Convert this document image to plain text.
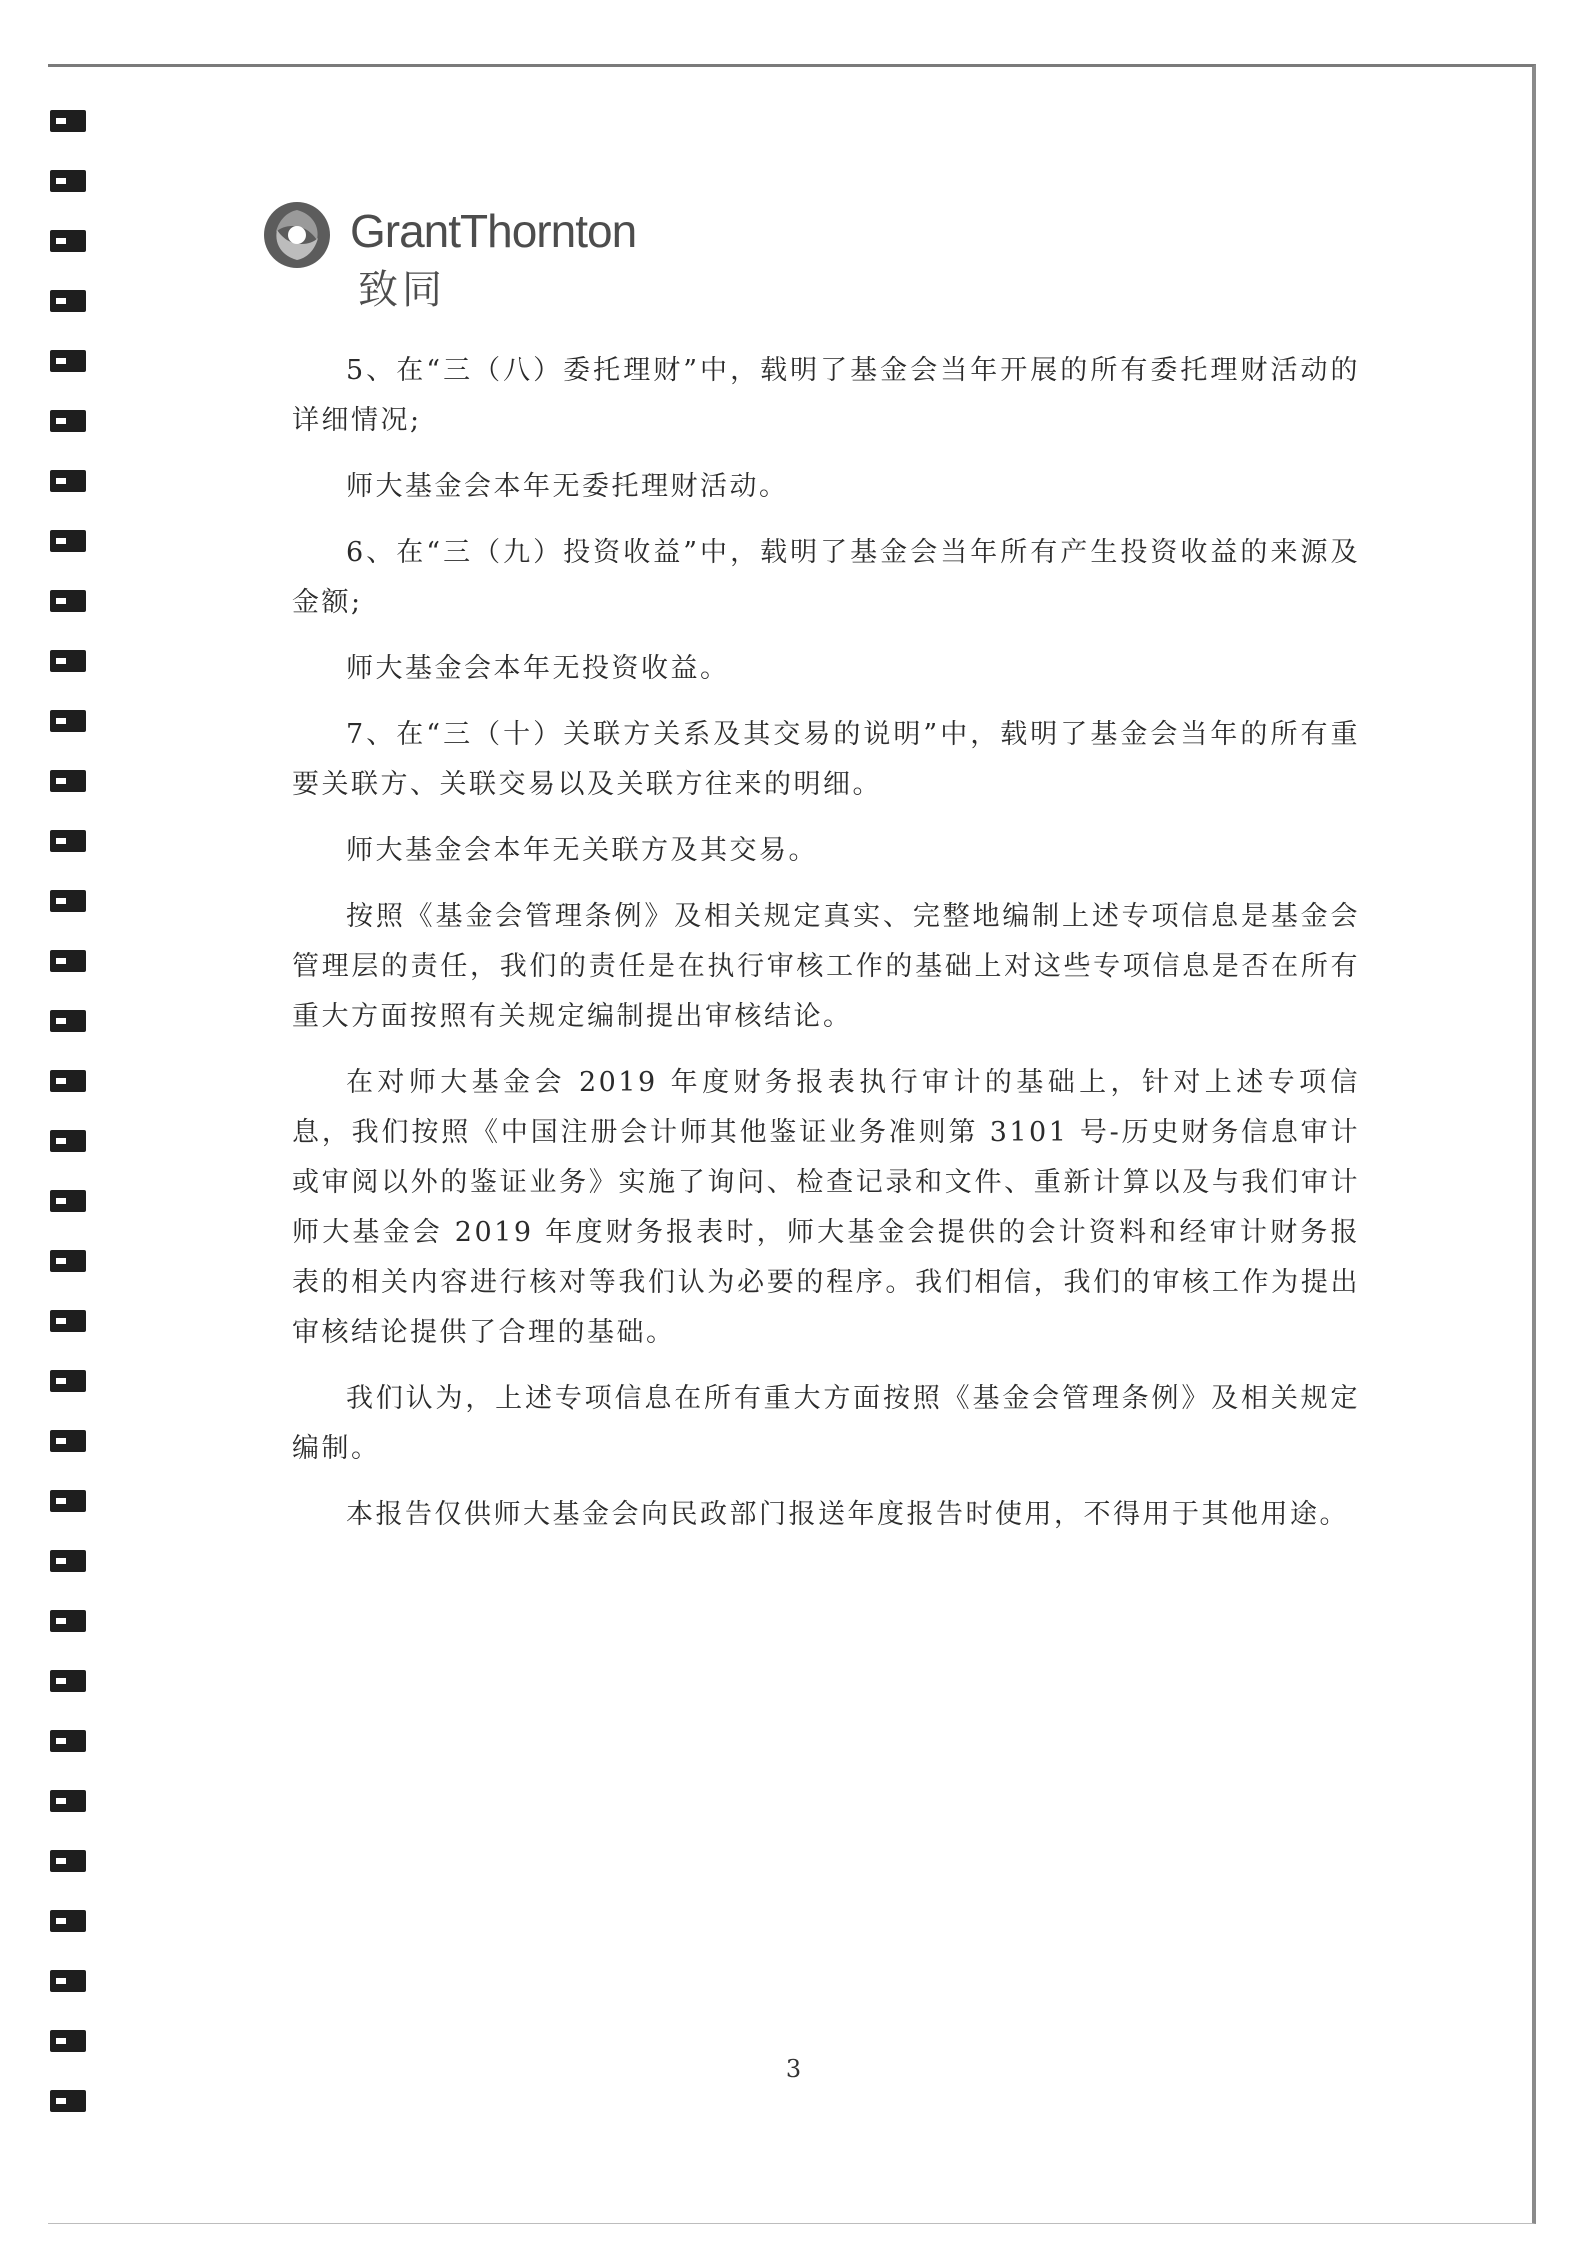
GrantThornton
致同

5、在“三（八）委托理财”中，载明了基金会当年开展的所有委托理财活动的详细情况;

师大基金会本年无委托理财活动。

6、在“三（九）投资收益”中，载明了基金会当年所有产生投资收益的来源及金额;

师大基金会本年无投资收益。

7、在“三（十）关联方关系及其交易的说明”中，载明了基金会当年的所有重要关联方、关联交易以及关联方往来的明细。

师大基金会本年无关联方及其交易。

按照《基金会管理条例》及相关规定真实、完整地编制上述专项信息是基金会管理层的责任，我们的责任是在执行审核工作的基础上对这些专项信息是否在所有重大方面按照有关规定编制提出审核结论。

在对师大基金会 2019 年度财务报表执行审计的基础上，针对上述专项信息，我们按照《中国注册会计师其他鉴证业务准则第 3101 号-历史财务信息审计或审阅以外的鉴证业务》实施了询问、检查记录和文件、重新计算以及与我们审计师大基金会 2019 年度财务报表时，师大基金会提供的会计资料和经审计财务报表的相关内容进行核对等我们认为必要的程序。我们相信，我们的审核工作为提出审核结论提供了合理的基础。

我们认为，上述专项信息在所有重大方面按照《基金会管理条例》及相关规定编制。

本报告仅供师大基金会向民政部门报送年度报告时使用，不得用于其他用途。

3
